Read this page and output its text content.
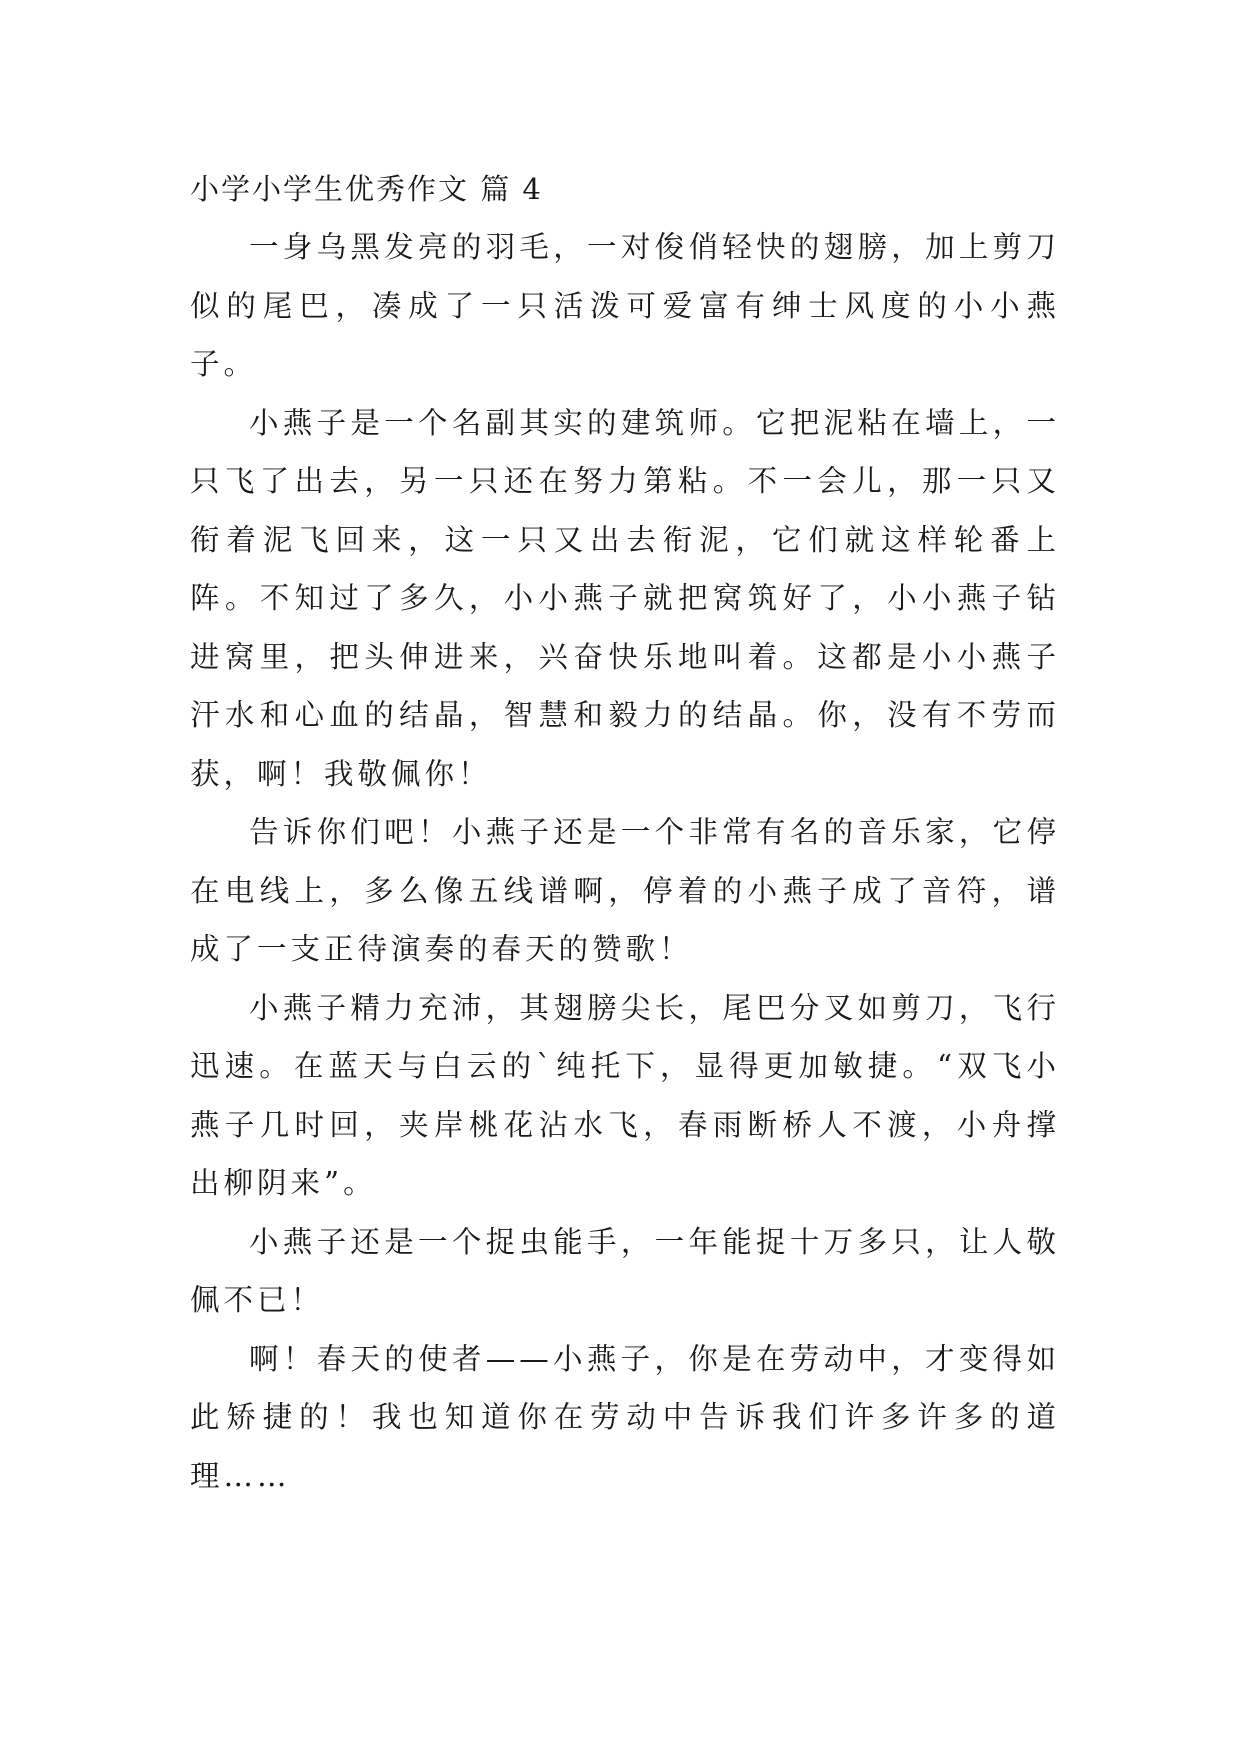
小学小学生优秀作文 篇 4

一身乌黑发亮的羽毛，一对俊俏轻快的翅膀，加上剪刀似的尾巴，凑成了一只活泼可爱富有绅士风度的小小燕子。

小燕子是一个名副其实的建筑师。它把泥粘在墙上，一只飞了出去，另一只还在努力第粘。不一会儿，那一只又衔着泥飞回来，这一只又出去衔泥，它们就这样轮番上阵。不知过了多久，小小燕子就把窝筑好了，小小燕子钻进窝里，把头伸进来，兴奋快乐地叫着。这都是小小燕子汗水和心血的结晶，智慧和毅力的结晶。你，没有不劳而获，啊！我敬佩你！

告诉你们吧！小燕子还是一个非常有名的音乐家，它停在电线上，多么像五线谱啊，停着的小燕子成了音符，谱成了一支正待演奏的春天的赞歌！

小燕子精力充沛，其翅膀尖长，尾巴分叉如剪刀，飞行迅速。在蓝天与白云的`纯托下，显得更加敏捷。“双飞小燕子几时回，夹岸桃花沾水飞，春雨断桥人不渡，小舟撑出柳阴来”。

小燕子还是一个捉虫能手，一年能捉十万多只，让人敬佩不已！

啊！春天的使者——小燕子，你是在劳动中，才变得如此矫捷的！我也知道你在劳动中告诉我们许多许多的道理……
